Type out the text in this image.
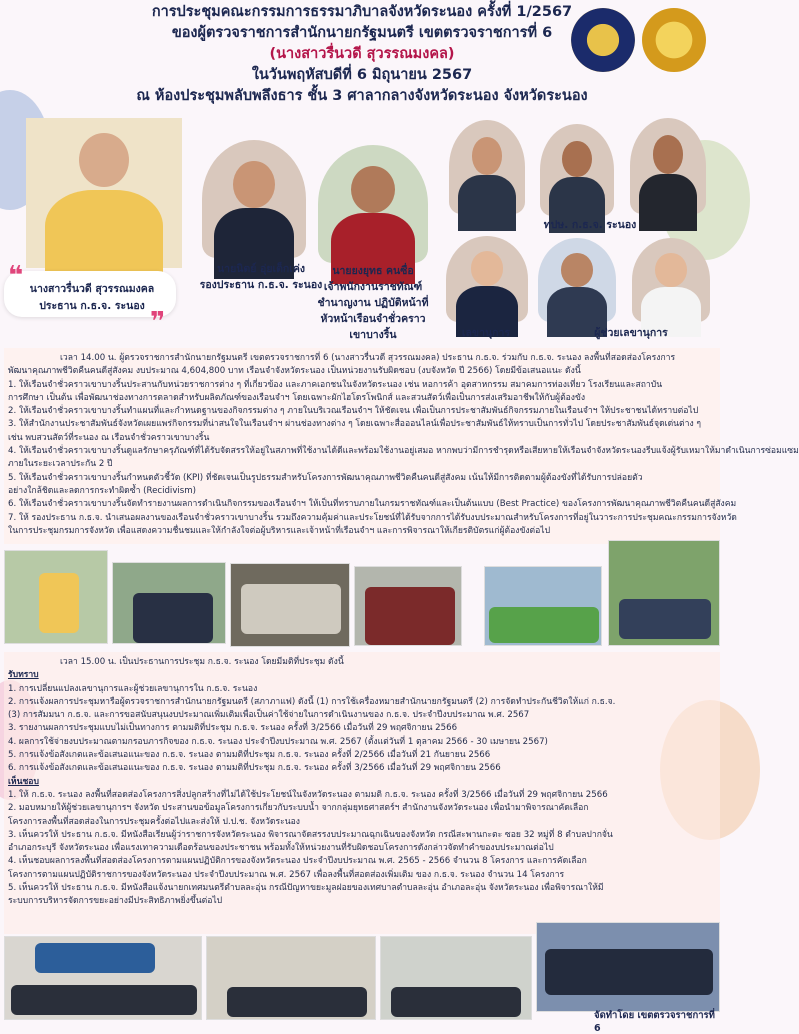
การประชุมคณะกรรมการธรรมาภิบาลจังหวัดระนอง ครั้งที่ 1/2567
ของผู้ตรวจราชการสำนักนายกรัฐมนตรี เขตตรวจราชการที่ 6
(นางสาวรื่นวดี สุวรรณมงคล)
ในวันพฤหัสบดีที่ 6 มิถุนายน 2567
ณ ห้องประชุมพลับพลึงธาร ชั้น 3 ศาลากลางจังหวัดระนอง จังหวัดระนอง
❝
❞
นางสาวรื่นวดี สุวรรณมงคล
ประธาน ก.ธ.จ. ระนอง
นายนิตย์ อุ่ยเต็กเค่ง
รองประธาน ก.ธ.จ. ระนอง
นายยงยุทธ คนซื่อ
เจ้าพนักงานราชทัณฑ์
ชำนาญงาน ปฏิบัติหน้าที่
หัวหน้าเรือนจำชั่วคราว
เขาบางริ้น
ทปษ. ก.ธ.จ. ระนอง
เลขานุการ	ผู้ช่วยเลขานุการ

เวลา 14.00 น. ผู้ตรวจราชการสำนักนายกรัฐมนตรี เขตตรวจราชการที่ 6 (นางสาวรื่นวดี สุวรรณมงคล) ประธาน ก.ธ.จ. ร่วมกับ ก.ธ.จ. ระนอง ลงพื้นที่สอดส่องโครงการ

พัฒนาคุณภาพชีวิตคืนคนดีสู่สังคม งบประมาณ 4,604,800 บาท เรือนจำจังหวัดระนอง เป็นหน่วยงานรับผิดชอบ (งบจังหวัด ปี 2566) โดยมีข้อเสนอแนะ ดังนี้

1. ให้เรือนจำชั่วคราวเขาบางริ้นประสานกับหน่วยราชการต่าง ๆ ที่เกี่ยวข้อง และภาคเอกชนในจังหวัดระนอง เช่น หอการค้า อุตสาหกรรม สมาคมการท่องเที่ยว โรงเรียนและสถาบัน

การศึกษา เป็นต้น เพื่อพัฒนาช่องทางการตลาดสำหรับผลิตภัณฑ์ของเรือนจำฯ โดยเฉพาะผักไฮโดรโพนิกส์ และสวนสัตว์เพื่อเป็นการส่งเสริมอาชีพให้กับผู้ต้องขัง

2. ให้เรือนจำชั่วคราวเขาบางริ้นทำแผนที่และกำหนดฐานของกิจกรรมต่าง ๆ ภายในบริเวณเรือนจำฯ ให้ชัดเจน เพื่อเป็นการประชาสัมพันธ์กิจกรรมภายในเรือนจำฯ ให้ประชาชนได้ทราบต่อไป

3. ให้สำนักงานประชาสัมพันธ์จังหวัดเผยแพร่กิจกรรมที่น่าสนใจในเรือนจำฯ ผ่านช่องทางต่าง ๆ โดยเฉพาะสื่อออนไลน์เพื่อประชาสัมพันธ์ให้ทราบเป็นการทั่วไป โดยประชาสัมพันธ์จุดเด่นต่าง ๆ

เช่น พบสวนสัตว์ที่ระนอง ณ เรือนจำชั่วคราวเขาบางริ้น

4. ให้เรือนจำชั่วคราวเขาบางริ้นดูแลรักษาครุภัณฑ์ที่ได้รับจัดสรรให้อยู่ในสภาพที่ใช้งานได้ดีและพร้อมใช้งานอยู่เสมอ หากพบว่ามีการชำรุดหรือเสียหายให้เรือนจำจังหวัดระนองรีบแจ้งผู้รับเหมาให้มาดำเนินการซ่อมแซม

ภายในระยะเวลาประกัน 2 ปี

5. ให้เรือนจำชั่วคราวเขาบางริ้นกำหนดตัวชี้วัด (KPI) ที่ชัดเจนเป็นรูปธรรมสำหรับโครงการพัฒนาคุณภาพชีวิตคืนคนดีสู่สังคม เน้นให้มีการติดตามผู้ต้องขังที่ได้รับการปล่อยตัว

อย่างใกล้ชิดและลดการกระทำผิดซ้ำ (Recidivism)

6. ให้เรือนจำชั่วคราวเขาบางริ้นจัดทำรายงานผลการดำเนินกิจกรรมของเรือนจำฯ ให้เป็นที่ทราบภายในกรมราชทัณฑ์และเป็นต้นแบบ (Best Practice) ของโครงการพัฒนาคุณภาพชีวิตคืนคนดีสู่สังคม

7. ให้ รองประธาน ก.ธ.จ. นำเสนอผลงานของเรือนจำชั่วคราวเขาบางริ้น รวมถึงความคุ้มค่าและประโยชน์ที่ได้รับจากการได้รับงบประมาณสำหรับโครงการที่อยู่ในวาระการประชุมคณะกรรมการจังหวัด

ในการประชุมกรมการจังหวัด เพื่อแสดงความชื่นชมและให้กำลังใจต่อผู้บริหารและเจ้าหน้าที่เรือนจำฯ และการพิจารณาให้เกียรติบัตรแก่ผู้ต้องขังต่อไป

เวลา 15.00 น. เป็นประธานการประชุม ก.ธ.จ. ระนอง โดยมีมติที่ประชุม ดังนี้

รับทราบ

1. การเปลี่ยนแปลงเลขานุการและผู้ช่วยเลขานุการใน ก.ธ.จ. ระนอง

2. การแจ้งผลการประชุมหารือผู้ตรวจราชการสำนักนายกรัฐมนตรี (สภาภาแฟ) ดังนี้ (1) การใช้เครื่องหมายสำนักนายกรัฐมนตรี (2) การจัดทำประกันชีวิตให้แก่ ก.ธ.จ.

(3) การสัมมนา ก.ธ.จ. และการขอสนับสนุนงบประมาณเพิ่มเติมเพื่อเป็นค่าใช้จ่ายในการดำเนินงานของ ก.ธ.จ. ประจำปีงบประมาณ พ.ศ. 2567

3. รายงานผลการประชุมแบบไม่เป็นทางการ ตามมติที่ประชุม ก.ธ.จ. ระนอง ครั้งที่ 3/2566 เมื่อวันที่ 29 พฤศจิกายน 2566

4. ผลการใช้จ่ายงบประมาณตามกรอบภารกิจของ ก.ธ.จ. ระนอง ประจำปีงบประมาณ พ.ศ. 2567 (ตั้งแต่วันที่ 1 ตุลาคม 2566 - 30 เมษายน 2567)

5. การแจ้งข้อสังเกตและข้อเสนอแนะของ ก.ธ.จ. ระนอง ตามมติที่ประชุม ก.ธ.จ. ระนอง ครั้งที่ 2/2566 เมื่อวันที่ 21 กันยายน 2566

6. การแจ้งข้อสังเกตและข้อเสนอแนะของ ก.ธ.จ. ระนอง ตามมติที่ประชุม ก.ธ.จ. ระนอง ครั้งที่ 3/2566 เมื่อวันที่ 29 พฤศจิกายน 2566

เห็นชอบ

1. ให้ ก.ธ.จ. ระนอง ลงพื้นที่สอดส่องโครงการสิ่งปลูกสร้างที่ไม่ได้ใช้ประโยชน์ในจังหวัดระนอง ตามมติ ก.ธ.จ. ระนอง ครั้งที่ 3/2566 เมื่อวันที่ 29 พฤศจิกายน 2566

2. มอบหมายให้ผู้ช่วยเลขานุการฯ จังหวัด ประสานขอข้อมูลโครงการเกี่ยวกับระบบน้ำ จากกลุ่มยุทธศาสตร์ฯ สำนักงานจังหวัดระนอง เพื่อนำมาพิจารณาคัดเลือก

โครงการลงพื้นที่สอดส่องในการประชุมครั้งต่อไปและส่งให้ ป.ป.ช. จังหวัดระนอง

3. เห็นควรให้ ประธาน ก.ธ.จ. มีหนังสือเรียนผู้ว่าราชการจังหวัดระนอง พิจารณาจัดสรรงบประมาณฉุกเฉินของจังหวัด กรณีสะพานกะตะ ซอย 32 หมู่ที่ 8 ตำบลปากจั่น

อำเภอกระบุรี จังหวัดระนอง เพื่อแรงเทาความเดือดร้อนของประชาชน พร้อมทั้งให้หน่วยงานที่รับผิดชอบโครงการดังกล่าวจัดทำคำของบประมาณต่อไป

4. เห็นชอบผลการลงพื้นที่สอดส่องโครงการตามแผนปฏิบัติการของจังหวัดระนอง ประจำปีงบประมาณ พ.ศ. 2565 - 2566 จำนวน 8 โครงการ และการคัดเลือก

โครงการตามแผนปฏิบัติราชการของจังหวัดระนอง ประจำปีงบประมาณ พ.ศ. 2567 เพื่อลงพื้นที่สอดส่องเพิ่มเติม ของ ก.ธ.จ. ระนอง จำนวน 14 โครงการ

5. เห็นควรให้ ประธาน ก.ธ.จ. มีหนังสือแจ้งนายกเทศมนตรีตำบลละอุ่น กรณีปัญหาขยะมูลฝอยของเทศบาลตำบลละอุ่น อำเภอละอุ่น จังหวัดระนอง เพื่อพิจารณาให้มี

ระบบการบริหารจัดการขยะอย่างมีประสิทธิภาพยิ่งขึ้นต่อไป

จัดทำโดย เขตตรวจราชการที่ 6
